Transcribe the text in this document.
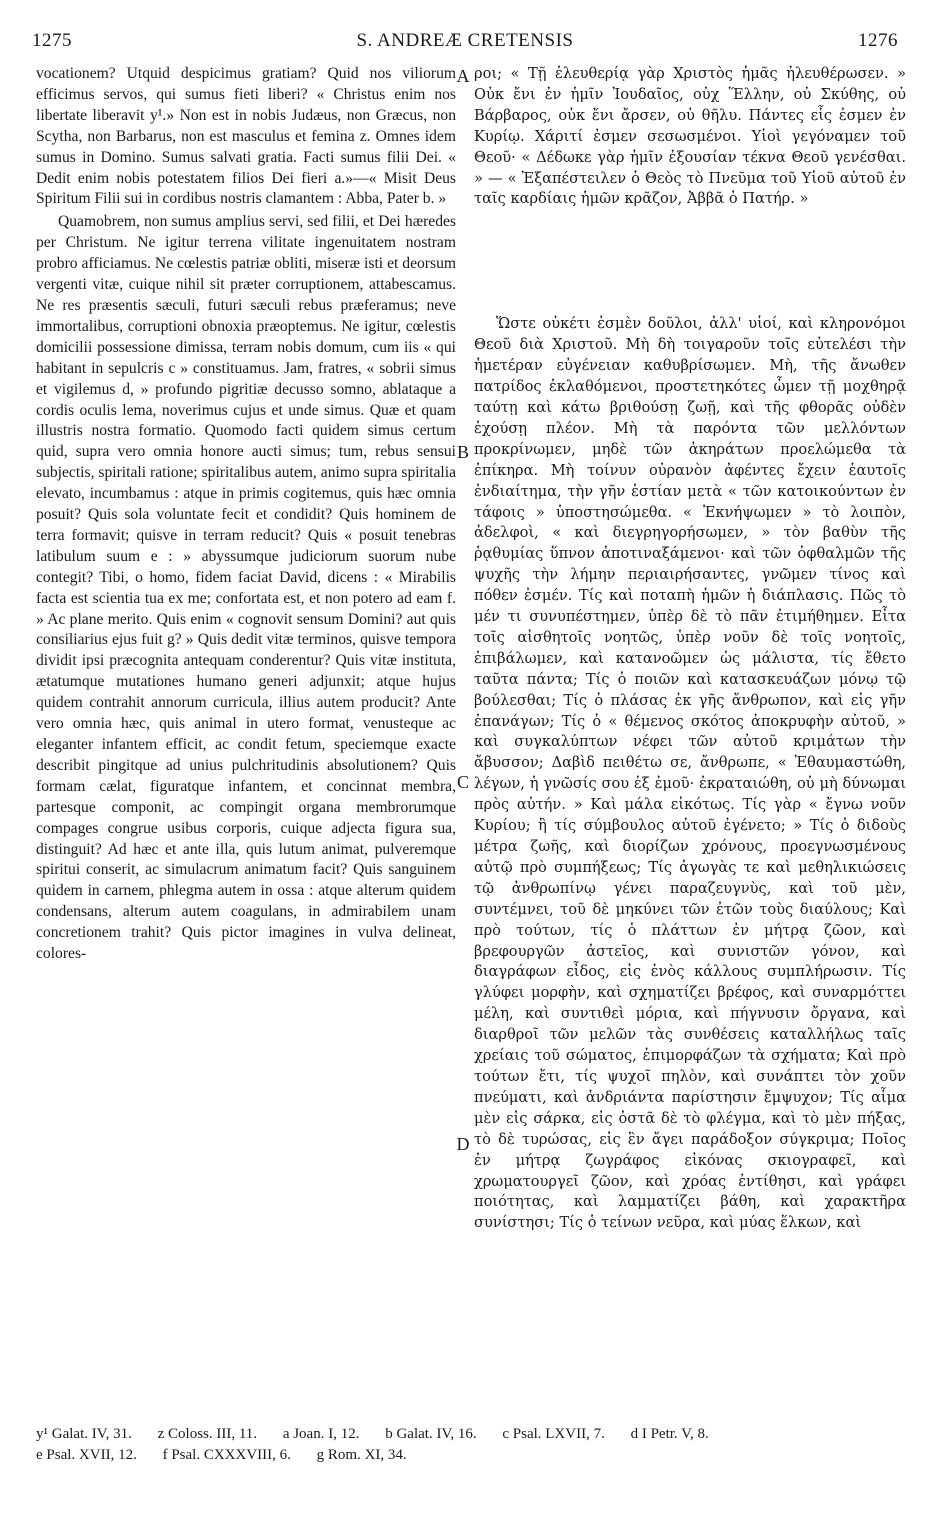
1275	S. ANDREÆ CRETENSIS	1276

vocationem? Utquid despicimus gratiam? Quid nos viliorum efficimus servos, qui sumus fieti liberi? « Christus enim nos libertate liberavit y¹.» Non est in nobis Judæus, non Græcus, non Scytha, non Barbarus, non est masculus et femina z. Omnes idem sumus in Domino. Sumus salvati gratia. Facti sumus filii Dei. « Dedit enim nobis potestatem filios Dei fieri a.»—« Misit Deus Spiritum Filii sui in cordibus nostris clamantem : Abba, Pater b. »

Quamobrem, non sumus amplius servi, sed filii, et Dei hæredes per Christum. Ne igitur terrena vilitate ingenuitatem nostram probro afficiamus. Ne cœlestis patriæ obliti, miseræ isti et deorsum vergenti vitæ, cuique nihil sit præter corruptionem, attabescamus. Ne res præsentis sæculi, futuri sæculi rebus præferamus; neve immortalibus, corruptioni obnoxia præoptemus. Ne igitur, cœlestis domicilii possessione dimissa, terram nobis domum, cum iis « qui habitant in sepulcris c » constituamus. Jam, fratres, « sobrii simus et vigilemus d, » profundo pigritiæ decusso somno, ablataque a cordis oculis lema, noverimus cujus et unde simus. Quæ et quam illustris nostra formatio. Quomodo facti quidem simus certum quid, supra vero omnia honore aucti simus; tum, rebus sensui subjectis, spiritali ratione; spiritalibus autem, animo supra spiritalia elevato, incumbamus : atque in primis cogitemus, quis hæc omnia posuit? Quis sola voluntate fecit et condidit? Quis hominem de terra formavit; quisve in terram reducit? Quis « posuit tenebras latibulum suum e : » abyssumque judiciorum suorum nube contegit? Tibi, o homo, fidem faciat David, dicens : « Mirabilis facta est scientia tua ex me; confortata est, et non potero ad eam f. » Ac plane merito. Quis enim « cognovit sensum Domini? aut quis consiliarius ejus fuit g? » Quis dedit vitæ terminos, quisve tempora dividit ipsi præcognita antequam conderentur? Quis vitæ instituta, ætatumque mutationes humano generi adjunxit; atque hujus quidem contrahit annorum curricula, illius autem producit? Ante vero omnia hæc, quis animal in utero format, venusteque ac eleganter infantem efficit, ac condit fetum, speciemque exacte describit pingitque ad unius pulchritudinis absolutionem? Quis formam cælat, figuratque infantem, et concinnat membra, partesque componit, ac compingit organa membrorumque compages congrue usibus corporis, cuique adjecta figura sua, distinguit? Ad hæc et ante illa, quis lutum animat, pulveremque spiritui conserit, ac simulacrum animatum facit? Quis sanguinem quidem in carnem, phlegma autem in ossa : atque alterum quidem condensans, alterum autem coagulans, in admirabilem unam concretionem trahit? Quis pictor imagines in vulva delineat, colores-

A
B
C
D

ροι; « Τῇ ἐλευθερίᾳ γὰρ Χριστὸς ἡμᾶς ἠλευθέρωσεν. » Οὐκ ἔνι ἐν ἡμῖν Ἰουδαῖος, οὐχ Ἕλλην, οὐ Σκύθης, οὐ Βάρβαρος, οὐκ ἔνι ἄρσεν, οὐ θῆλυ. Πάντες εἷς ἐσμεν ἐν Κυρίῳ. Χάριτί ἐσμεν σεσωσμένοι. Υἱοὶ γεγόναμεν τοῦ Θεοῦ· « Δέδωκε γὰρ ἡμῖν ἐξουσίαν τέκνα Θεοῦ γενέσθαι. » — « Ἐξαπέστειλεν ὁ Θεὸς τὸ Πνεῦμα τοῦ Υἱοῦ αὐτοῦ ἐν ταῖς καρδίαις ἡμῶν κρᾶζον, Ἀββᾶ ὁ Πατήρ. »

Ὥστε οὐκέτι ἐσμὲν δοῦλοι, ἀλλ' υἱοί, καὶ κληρονόμοι Θεοῦ διὰ Χριστοῦ. Μὴ δὴ τοιγαροῦν τοῖς εὐτελέσι τὴν ἡμετέραν εὐγένειαν καθυβρίσωμεν. Μὴ, τῆς ἄνωθεν πατρίδος ἐκλαθόμενοι, προστετηκότες ὦμεν τῇ μοχθηρᾷ ταύτῃ καὶ κάτω βριθούσῃ ζωῇ, καὶ τῆς φθορᾶς οὐδὲν ἐχούσῃ πλέον. Μὴ τὰ παρόντα τῶν μελλόντων προκρίνωμεν, μηδὲ τῶν ἀκηράτων προελώμεθα τὰ ἐπίκηρα. Μὴ τοίνυν οὐρανὸν ἀφέντες ἔχειν ἑαυτοῖς ἐνδιαίτημα, τὴν γῆν ἑστίαν μετὰ « τῶν κατοικούντων ἐν τάφοις » ὑποστησώμεθα. « Ἐκνήψωμεν » τὸ λοιπὸν, ἀδελφοὶ, « καὶ διεγρηγορήσωμεν, » τὸν βαθὺν τῆς ῥᾳθυμίας ὕπνον ἀποτιναξάμενοι· καὶ τῶν ὀφθαλμῶν τῆς ψυχῆς τὴν λήμην περιαιρήσαντες, γνῶμεν τίνος καὶ πόθεν ἐσμέν. Τίς καὶ ποταπὴ ἡμῶν ἡ διάπλασις. Πῶς τὸ μέν τι συνυπέστημεν, ὑπὲρ δὲ τὸ πᾶν ἐτιμήθημεν. Εἶτα τοῖς αἰσθητοῖς νοητῶς, ὑπὲρ νοῦν δὲ τοῖς νοητοῖς, ἐπιβάλωμεν, καὶ κατανοῶμεν ὡς μάλιστα, τίς ἔθετο ταῦτα πάντα; Τίς ὁ ποιῶν καὶ κατασκευάζων μόνῳ τῷ βούλεσθαι; Τίς ὁ πλάσας ἐκ γῆς ἄνθρωπον, καὶ εἰς γῆν ἐπανάγων; Τίς ὁ « θέμενος σκότος ἀποκρυφὴν αὐτοῦ, » καὶ συγκαλύπτων νέφει τῶν αὐτοῦ κριμάτων τὴν ἄβυσσον; Δαβὶδ πειθέτω σε, ἄνθρωπε, « Ἐθαυμαστώθη, λέγων, ἡ γνῶσίς σου ἐξ ἐμοῦ· ἐκραταιώθη, οὐ μὴ δύνωμαι πρὸς αὐτήν. » Καὶ μάλα εἰκότως. Τίς γὰρ « ἔγνω νοῦν Κυρίου; ἢ τίς σύμβουλος αὐτοῦ ἐγένετο; » Τίς ὁ διδοὺς μέτρα ζωῆς, καὶ διορίζων χρόνους, προεγνωσμένους αὐτῷ πρὸ συμπήξεως; Τίς ἀγωγὰς τε καὶ μεθηλικιώσεις τῷ ἀνθρωπίνῳ γένει παραζευγνὺς, καὶ τοῦ μὲν, συντέμνει, τοῦ δὲ μηκύνει τῶν ἐτῶν τοὺς διαύλους; Καὶ πρὸ τούτων, τίς ὁ πλάττων ἐν μήτρᾳ ζῶον, καὶ βρεφουργῶν ἀστεῖος, καὶ συνιστῶν γόνον, καὶ διαγράφων εἶδος, εἰς ἑνὸς κάλλους συμπλήρωσιν. Τίς γλύφει μορφὴν, καὶ σχηματίζει βρέφος, καὶ συναρμόττει μέλη, καὶ συντιθεὶ μόρια, καὶ πήγνυσιν ὄργανα, καὶ διαρθροῖ τῶν μελῶν τὰς συνθέσεις καταλλήλως ταῖς χρείαις τοῦ σώματος, ἐπιμορφάζων τὰ σχήματα; Καὶ πρὸ τούτων ἔτι, τίς ψυχοῖ πηλὸν, καὶ συνάπτει τὸν χοῦν πνεύματι, καὶ ἀνδριάντα παρίστησιν ἔμψυχον; Τίς αἷμα μὲν εἰς σάρκα, εἰς ὀστᾶ δὲ τὸ φλέγμα, καὶ τὸ μὲν πήξας, τὸ δὲ τυρώσας, εἰς ἓν ἄγει παράδοξον σύγκριμα; Ποῖος ἐν μήτρᾳ ζωγράφος εἰκόνας σκιογραφεῖ, καὶ χρωματουργεῖ ζῶον, καὶ χρόας ἐντίθησι, καὶ γράφει ποιότητας, καὶ λαμματίζει βάθη, καὶ χαρακτῆρα συνίστησι; Τίς ὁ τείνων νεῦρα, καὶ μύας ἕλκων, καὶ

y¹ Galat. IV, 31. z Coloss. III, 11. a Joan. I, 12. b Galat. IV, 16. c Psal. LXVII, 7. d I Petr. V, 8.
e Psal. XVII, 12. f Psal. CXXXVIII, 6. g Rom. XI, 34.
